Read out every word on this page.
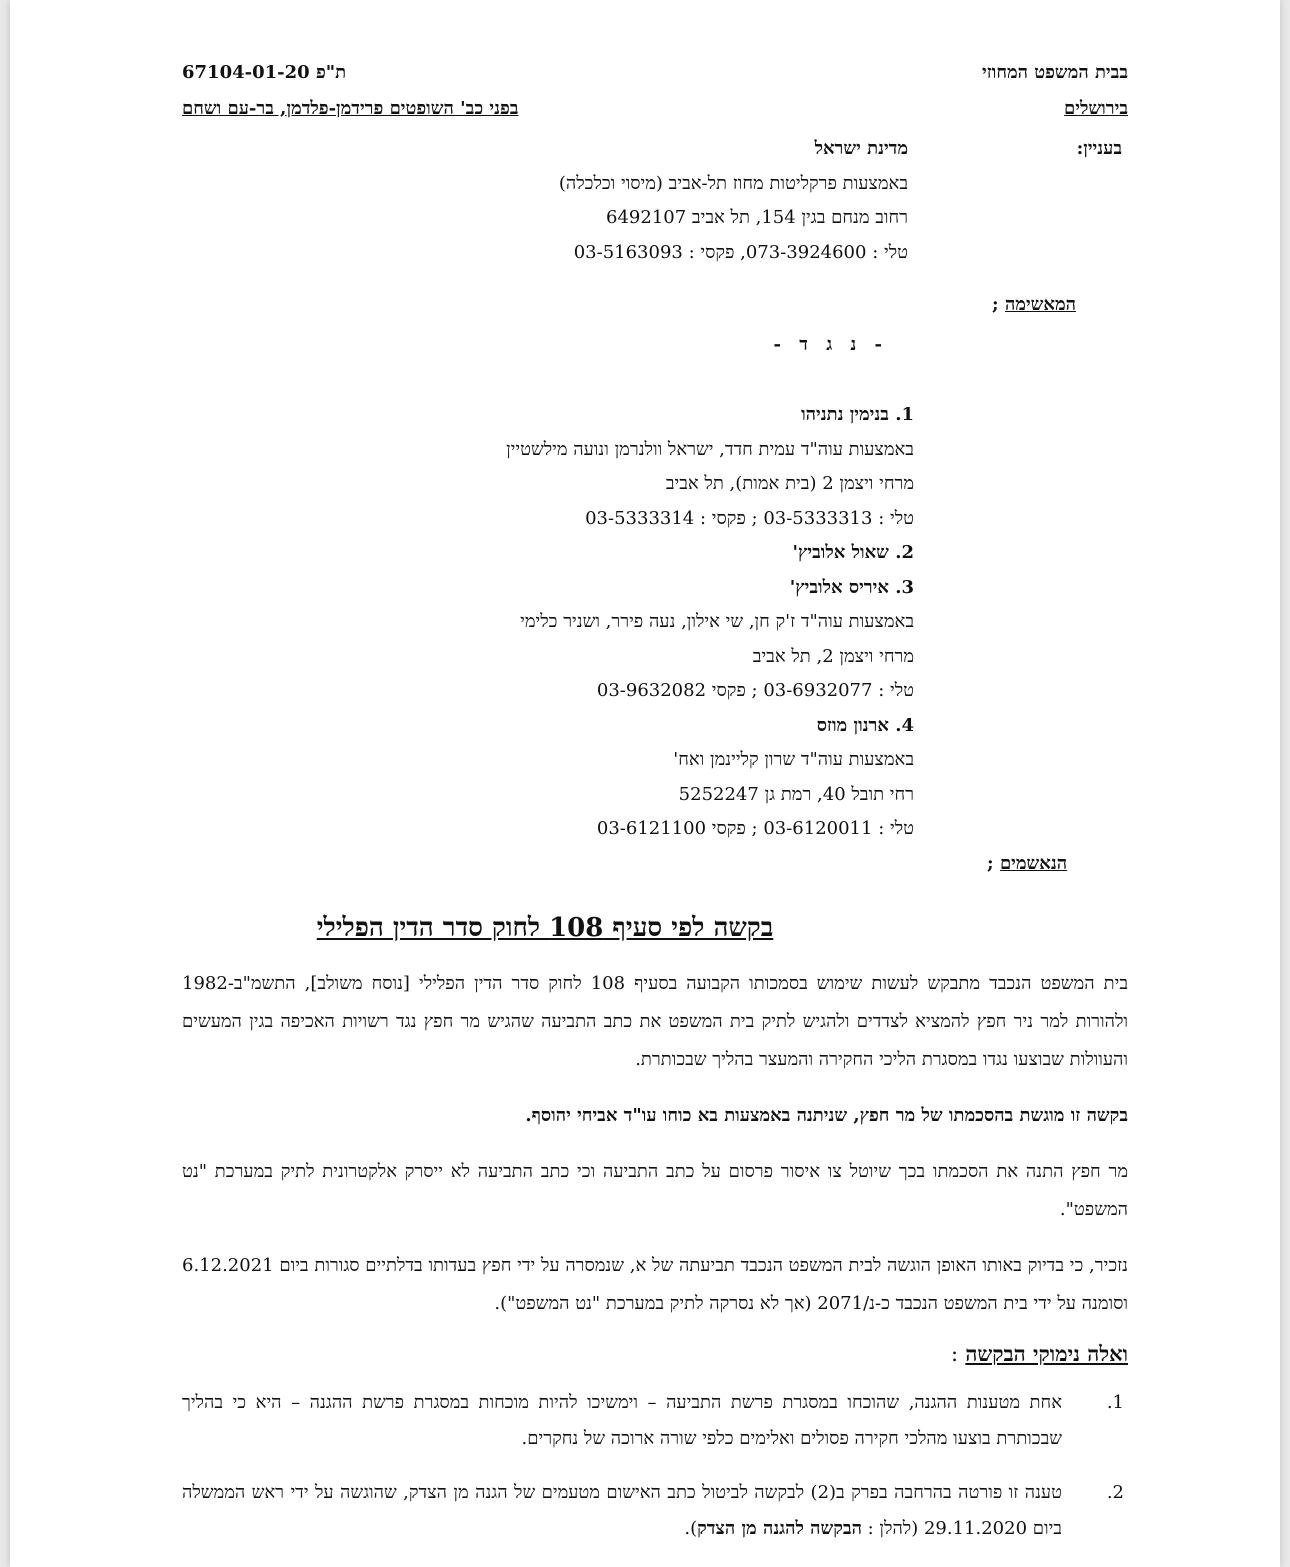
בבית המשפט המחוזי
ת"פ 67104-01-20
בירושלים
בפני כב' השופטים פרידמן-פלדמן, בר-עם ושחם
בעניין:
מדינת ישראל
באמצעות פרקליטות מחוז תל-אביב (מיסוי וכלכלה)
רחוב מנחם בגין 154, תל אביב 6492107
טלי : 073-3924600, פקסי : 03-5163093
המאשימה ;
- נ ג ד -
1. בנימין נתניהו
באמצעות עוה"ד עמית חדד, ישראל וולנרמן ונועה מילשטיין
מרחי ויצמן 2 (בית אמות), תל אביב
טלי : 03-5333313 ; פקסי : 03-5333314
2. שאול אלוביץ'
3. איריס אלוביץ'
באמצעות עוה"ד ז'ק חן, שי אילון, נעה פירר, ושניר כלימי
מרחי ויצמן 2, תל אביב
טלי : 03-6932077 ; פקסי 03-9632082
4. ארנון מוזס
באמצעות עוה"ד שרון קליינמן ואח'
רחי תובל 40, רמת גן 5252247
טלי : 03-6120011 ; פקסי 03-6121100
הנאשמים ;
בקשה לפי סעיף 108 לחוק סדר הדין הפלילי

בית המשפט הנכבד מתבקש לעשות שימוש בסמכותו הקבועה בסעיף 108 לחוק סדר הדין הפלילי [נוסח משולב], התשמ"ב-1982 ולהורות למר ניר חפץ להמציא לצדדים ולהגיש לתיק בית המשפט את כתב התביעה שהגיש מר חפץ נגד רשויות האכיפה בגין המעשים והעוולות שבוצעו נגדו במסגרת הליכי החקירה והמעצר בהליך שבכותרת.

בקשה זו מוגשת בהסכמתו של מר חפץ, שניתנה באמצעות בא כוחו עו"ד אביחי יהוסף.

מר חפץ התנה את הסכמתו בכך שיוטל צו איסור פרסום על כתב התביעה וכי כתב התביעה לא ייסרק אלקטרונית לתיק במערכת "נט המשפט".

נזכיר, כי בדיוק באותו האופן הוגשה לבית המשפט הנכבד תביעתה של א, שנמסרה על ידי חפץ בעדותו בדלתיים סגורות ביום 6.12.2021 וסומנה על ידי בית המשפט הנכבד כ-נ/2071 (אך לא נסרקה לתיק במערכת "נט המשפט").

ואלה נימוקי הבקשה :
1.
אחת מטענות ההגנה, שהוכחו במסגרת פרשת התביעה – וימשיכו להיות מוכחות במסגרת פרשת ההגנה – היא כי בהליך שבכותרת בוצעו מהלכי חקירה פסולים ואלימים כלפי שורה ארוכה של נחקרים.
2.
טענה זו פורטה בהרחבה בפרק ב(2) לבקשה לביטול כתב האישום מטעמים של הגנה מן הצדק, שהוגשה על ידי ראש הממשלה ביום 29.11.2020 (להלן : הבקשה להגנה מן הצדק).
